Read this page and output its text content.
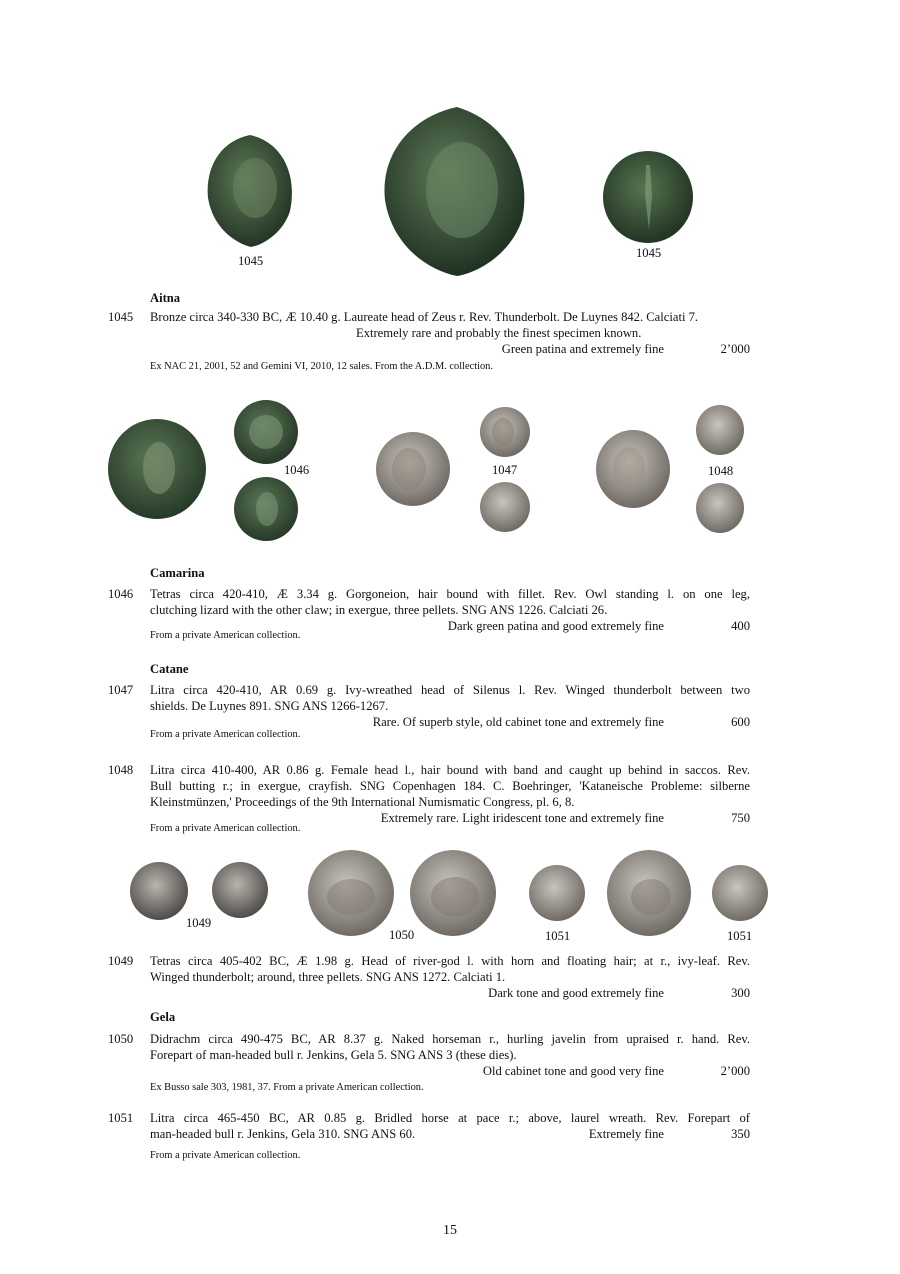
1045
1045
Aitna
1045 Bronze circa 340-330 BC, Æ 10.40 g. Laureate head of Zeus r. Rev. Thunderbolt. De Luynes 842. Calciati 7.
Extremely rare and probably the finest specimen known.
Green patina and extremely fine	2’000
Ex NAC 21, 2001, 52 and Gemini VI, 2010, 12 sales. From the A.D.M. collection.
1046	1047	1048
Camarina
1046 Tetras circa 420-410, Æ 3.34 g. Gorgoneion, hair bound with fillet. Rev. Owl standing l. on one leg,
clutching lizard with the other claw; in exergue, three pellets. SNG ANS 1226. Calciati 26.
Dark green patina and good extremely fine	400
From a private American collection.
Catane
1047 Litra circa 420-410, AR 0.69 g. Ivy-wreathed head of Silenus l. Rev. Winged thunderbolt between two
shields. De Luynes 891. SNG ANS 1266-1267.
Rare. Of superb style, old cabinet tone and extremely fine	600
From a private American collection.
1048 Litra circa 410-400, AR 0.86 g. Female head l., hair bound with band and caught up behind in saccos. Rev.
Bull butting r.; in exergue, crayfish. SNG Copenhagen 184. C. Boehringer, 'Kataneische Probleme: silberne
Kleinstmünzen,' Proceedings of the 9th International Numismatic Congress, pl. 6, 8.
Extremely rare. Light iridescent tone and extremely fine	750
From a private American collection.
1049
1050	1051	1051
1049 Tetras circa 405-402 BC, Æ 1.98 g. Head of river-god l. with horn and floating hair; at r., ivy-leaf. Rev.
Winged thunderbolt; around, three pellets. SNG ANS 1272. Calciati 1.
Dark tone and good extremely fine	300
Gela
1050 Didrachm circa 490-475 BC, AR 8.37 g. Naked horseman r., hurling javelin from upraised r. hand. Rev.
Forepart of man-headed bull r. Jenkins, Gela 5. SNG ANS 3 (these dies).
Old cabinet tone and good very fine	2’000
Ex Busso sale 303, 1981, 37. From a private American collection.
1051 Litra circa 465-450 BC, AR 0.85 g. Bridled horse at pace r.; above, laurel wreath. Rev. Forepart of
man-headed bull r. Jenkins, Gela 310. SNG ANS 60.	Extremely fine	350
From a private American collection.
15
